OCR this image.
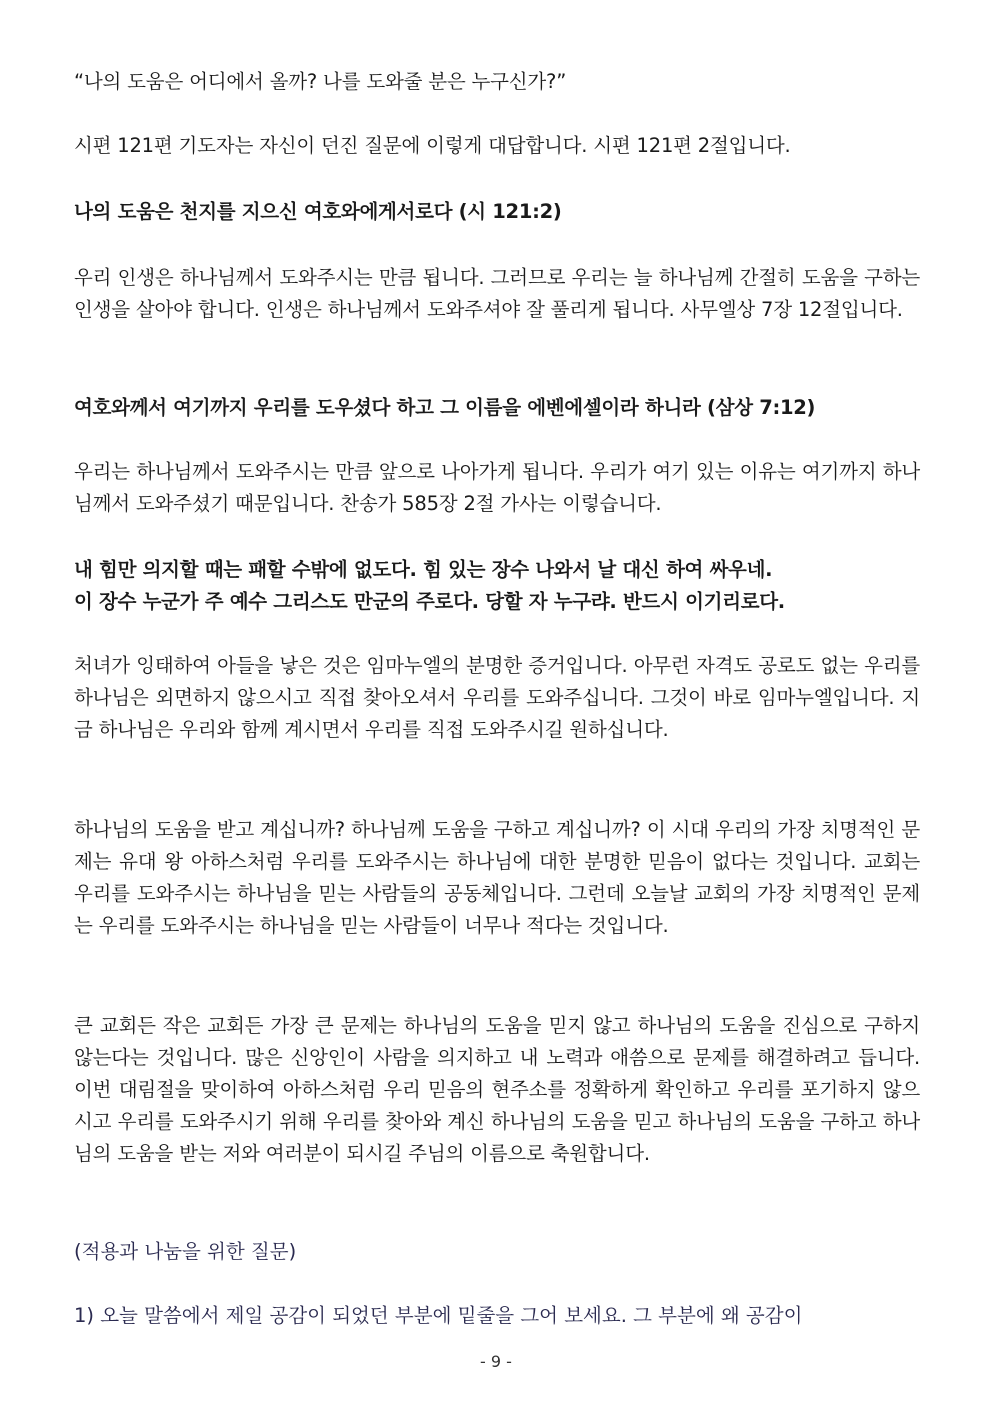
“나의 도움은 어디에서 올까? 나를 도와줄 분은 누구신가?”

시편 121편 기도자는 자신이 던진 질문에 이렇게 대답합니다. 시편 121편 2절입니다.

나의 도움은 천지를 지으신 여호와에게서로다 (시 121:2)

우리 인생은 하나님께서 도와주시는 만큼 됩니다. 그러므로 우리는 늘 하나님께 간절히 도움을 구하는 인생을 살아야 합니다. 인생은 하나님께서 도와주셔야 잘 풀리게 됩니다. 사무엘상 7장 12절입니다.

여호와께서 여기까지 우리를 도우셨다 하고 그 이름을 에벤에셀이라 하니라 (삼상 7:12)

우리는 하나님께서 도와주시는 만큼 앞으로 나아가게 됩니다. 우리가 여기 있는 이유는 여기까지 하나님께서 도와주셨기 때문입니다. 찬송가 585장 2절 가사는 이렇습니다.

내 힘만 의지할 때는 패할 수밖에 없도다. 힘 있는 장수 나와서 날 대신 하여 싸우네.

이 장수 누군가 주 예수 그리스도 만군의 주로다. 당할 자 누구랴. 반드시 이기리로다.

처녀가 잉태하여 아들을 낳은 것은 임마누엘의 분명한 증거입니다. 아무런 자격도 공로도 없는 우리를 하나님은 외면하지 않으시고 직접 찾아오셔서 우리를 도와주십니다. 그것이 바로 임마누엘입니다. 지금 하나님은 우리와 함께 계시면서 우리를 직접 도와주시길 원하십니다.

하나님의 도움을 받고 계십니까? 하나님께 도움을 구하고 계십니까? 이 시대 우리의 가장 치명적인 문제는 유대 왕 아하스처럼 우리를 도와주시는 하나님에 대한 분명한 믿음이 없다는 것입니다. 교회는 우리를 도와주시는 하나님을 믿는 사람들의 공동체입니다. 그런데 오늘날 교회의 가장 치명적인 문제는 우리를 도와주시는 하나님을 믿는 사람들이 너무나 적다는 것입니다.

큰 교회든 작은 교회든 가장 큰 문제는 하나님의 도움을 믿지 않고 하나님의 도움을 진심으로 구하지 않는다는 것입니다. 많은 신앙인이 사람을 의지하고 내 노력과 애씀으로 문제를 해결하려고 듭니다. 이번 대림절을 맞이하여 아하스처럼 우리 믿음의 현주소를 정확하게 확인하고 우리를 포기하지 않으시고 우리를 도와주시기 위해 우리를 찾아와 계신 하나님의 도움을 믿고 하나님의 도움을 구하고 하나님의 도움을 받는 저와 여러분이 되시길 주님의 이름으로 축원합니다.

(적용과 나눔을 위한 질문)

1) 오늘 말씀에서 제일 공감이 되었던 부분에 밑줄을 그어 보세요. 그 부분에 왜 공감이

- 9 -
